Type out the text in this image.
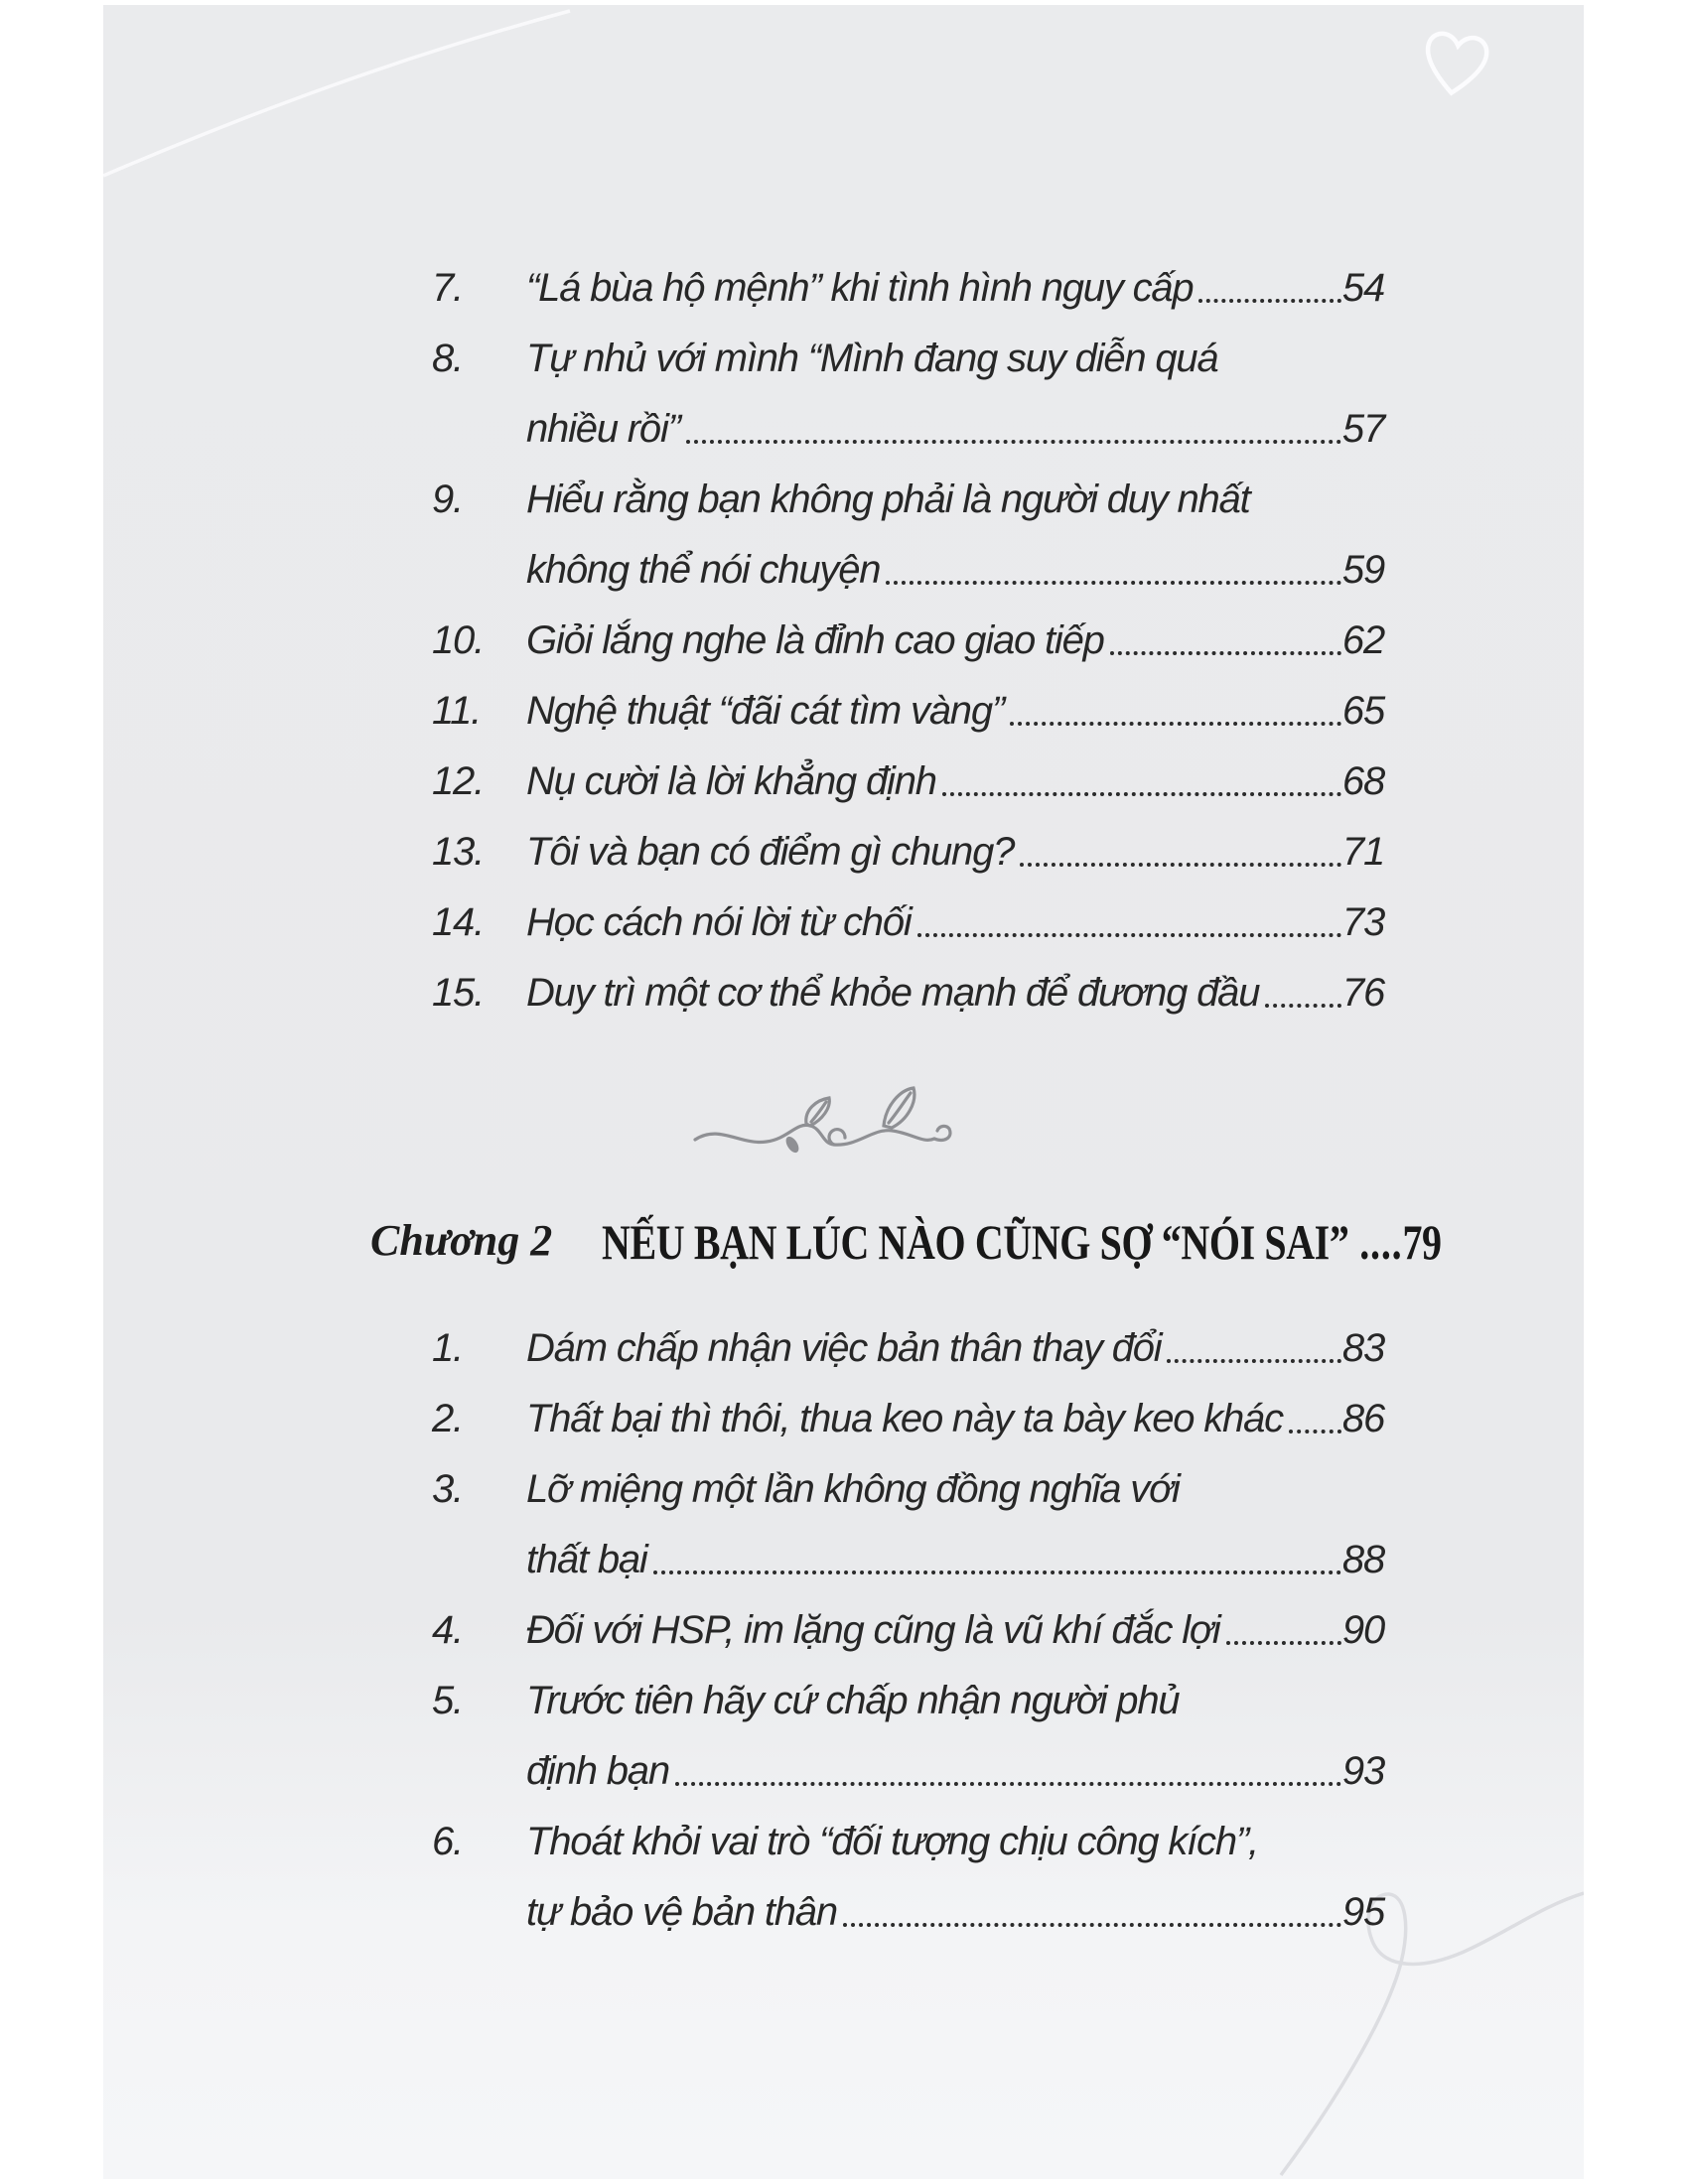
7.	“Lá bùa hộ mệnh” khi tình hình nguy cấp	54
8.	Tự nhủ với mình “Mình đang suy diễn quá
nhiều rồi”	57
9.	Hiểu rằng bạn không phải là người duy nhất
không thể nói chuyện	59
10.	Giỏi lắng nghe là đỉnh cao giao tiếp	62
11.	Nghệ thuật “đãi cát tìm vàng”	65
12.	Nụ cười là lời khẳng định	68
13.	Tôi và bạn có điểm gì chung?	71
14.	Học cách nói lời từ chối	73
15.	Duy trì một cơ thể khỏe mạnh để đương đầu 76
Chương 2	NẾU BẠN LÚC NÀO CŨNG SỢ “NÓI SAI” ....79
1.	Dám chấp nhận việc bản thân thay đổi	83
2.	Thất bại thì thôi, thua keo này ta bày keo khác 86
3.	Lỡ miệng một lần không đồng nghĩa với
thất bại	88
4.	Đối với HSP, im lặng cũng là vũ khí đắc lợi	90
5.	Trước tiên hãy cứ chấp nhận người phủ
định bạn	93
6.	Thoát khỏi vai trò “đối tượng chịu công kích”,
tự bảo vệ bản thân	95
